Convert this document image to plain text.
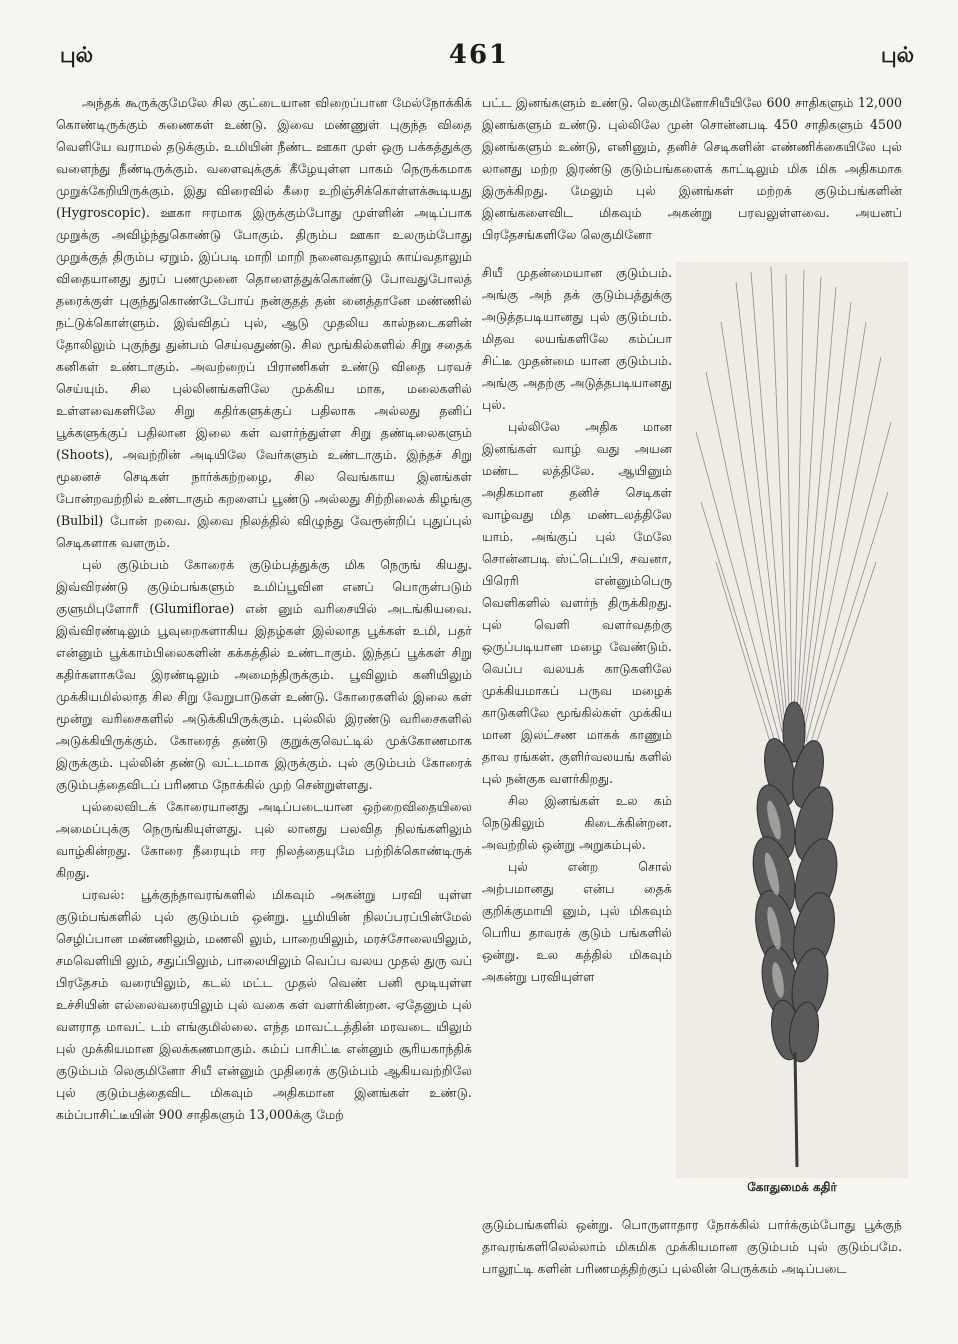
புல்	461	புல்

அந்தக் கூருக்குமேலே சில குட்டையான விறைப்பான மேல்நோக்கிக் கொண்டிருக்கும் சுணைகள் உண்டு. இவை மண்ணுள் புகுந்த விதை வெளியே வராமல் தடுக்கும். உமியின் நீண்ட ஊகா முள் ஒரு பக்கத்துக்கு வளைந்து நீண்டிருக்கும். வளைவுக்குக் கீழேயுள்ள பாகம் நெருக்கமாக முறுக்கேறியிருக்கும். இது விரைவில் கீரை உறிஞ்சிக்கொள்ளக்கூடியது (Hygroscopic). ஊகா ஈரமாக இருக்கும்போது முள்ளின் அடிப்பாக முறுக்கு அவிழ்ந்துகொண்டு போகும். திரும்ப ஊகா உலரும்போது முறுக்குத் திரும்ப ஏறும். இப்படி மாறி மாறி நனைவதாலும் காய்வதாலும் விதையானது துரப் பணமுனை தொளைத்துக்கொண்டு போவதுபோலத் தரைக்குள் புகுந்துகொண்டேபோய் நன்குதத் தன் னைத்தானே மண்ணில் நட்டுக்கொள்ளும். இவ்விதப் புல், ஆடு முதலிய கால்நடைகளின் தோலிலும் புகுந்து துன்பம் செய்வதுண்டு. சில மூங்கில்களில் சிறு சதைக் கனிகள் உண்டாகும். அவற்றைப் பிராணிகள் உண்டு விதை பரவச் செய்யும். சில புல்லினங்களிலே முக்கிய மாக, மலைகளில் உள்ளவைகளிலே சிறு கதிர்களுக்குப் பதிலாக அல்லது தனிப் பூக்களுக்குப் பதிலான இலை கள் வளர்ந்துள்ள சிறு தண்டிலைகளும் (Shoots), அவற்றின் அடியிலே வேர்களும் உண்டாகும். இந்தச் சிறு மூனைச் செடிகள் நார்க்கற்றழை, சில வெங்காய இனங்கள் போன்றவற்றில் உண்டாகும் கறளைப் பூண்டு அல்லது சிற்றிலைக் கிழங்கு (Bulbil) போன் றவை. இவை நிலத்தில் விழுந்து வேரூன்றிப் புதுப்புல் செடிகளாக வளரும்.

புல் குடும்பம் கோரைக் குடும்பத்துக்கு மிக நெருங் கியது. இவ்விரண்டு குடும்பங்களும் உமிப்பூவின எனப் பொருள்படும் குளுமிபுளோரீ (Glumiflorae) என் னும் வரிசையில் அடங்கியவை. இவ்விரண்டிலும் பூவுறைகளாகிய இதழ்கள் இல்லாத பூக்கள் உமி, பதர் என்னும் பூக்காம்பிலைகளின் கக்கத்தில் உண்டாகும். இந்தப் பூக்கள் சிறு கதிர்களாகவே இரண்டிலும் அமைந்திருக்கும். பூவிலும் கனியிலும் முக்கியமில்லாத சில சிறு வேறுபாடுகள் உண்டு. கோரைகளில் இலை கள் மூன்று வரிசைகளில் அடுக்கியிருக்கும். புல்லில் இரண்டு வரிசைகளில் அடுக்கியிருக்கும். கோரைத் தண்டு குறுக்குவெட்டில் முக்கோணமாக இருக்கும். புல்லின் தண்டு வட்டமாக இருக்கும். புல் குடும்பம் கோரைக் குடும்பத்தைவிடப் பரிணம நோக்கில் முற் சென்றுள்ளது.

புல்லைவிடக் கோரையானது அடிப்படையான ஒற்றைவிதையிலை அமைப்புக்கு நெருங்கியுள்ளது. புல் லானது பலவித நிலங்களிலும் வாழ்கின்றது. கோரை நீரையும் ஈர நிலத்தையுமே பற்றிக்கொண்டிருக் கிறது.

பரவல்: பூக்குந்தாவரங்களில் மிகவும் அகன்று பரவி யுள்ள குடும்பங்களில் புல் குடும்பம் ஒன்று. பூமியின் நிலப்பரப்பின்மேல் செழிப்பான மண்ணிலும், மணலி லும், பாறையிலும், மரச்சோலையிலும், சமவெளியி லும், சதுப்பிலும், பாலையிலும் வெப்ப வலய முதல் துரு வப் பிரதேசம் வரையிலும், கடல் மட்ட முதல் வெண் பனி மூடியுள்ள உச்சியின் எல்லைவரையிலும் புல் வகை கள் வளர்கின்றன. ஏதேனும் புல் வளராத மாவட் டம் எங்குமில்லை. எந்த மாவட்டத்தின் மரவடை யிலும் புல் முக்கியமான இலக்கணமாகும். கம்ப் பாசிட்டீ என்னும் சூரியகாந்திக் குடும்பம் லெகுமினோ சியீ என்னும் முதிரைக் குடும்பம் ஆகியவற்றிலே புல் குடும்பத்தைவிட மிகவும் அதிகமான இனங்கள் உண்டு. கம்ப்பாசிட்டீயின் 900 சாதிகளும் 13,000க்கு மேற்

பட்ட இனங்களும் உண்டு. லெகுமினோசியீயிலே 600 சாதிகளும் 12,000 இனங்களும் உண்டு. புல்லிலே முன் சொன்னபடி 450 சாதிகளும் 4500 இனங்களும் உண்டு, எனினும், தனிச் செடிகளின் எண்ணிக்கையிலே புல் லானது மற்ற இரண்டு குடும்பங்களைக் காட்டிலும் மிக மிக அதிகமாக இருக்கிறது. மேலும் புல் இனங்கள் மற்றக் குடும்பங்களின் இனங்களைவிட மிகவும் அகன்று பரவலுள்ளவை. அயனப் பிரதேசங்களிலே லெகுமினோ

சியீ முதன்மையான குடும்பம். அங்கு அந் தக் குடும்பத்துக்கு அடுத்தபடியானது புல் குடும்பம். மிதவ லயங்களிலே கம்ப்பா சிட்டீ முதன்மை யான குடும்பம். அங்கு அதற்கு அடுத்தபடியானது புல்.

புல்லிலே அதிக மான இனங்கள் வாழ் வது அயன மண்ட லத்திலே. ஆயினும் அதிகமான தனிச் செடிகள் வாழ்வது மித மண்டலத்திலே யாம். அங்குப் புல் மேலே சொன்னபடி ஸ்ட்டெப்பி, சவனா, பிரெரி என்னும்பெரு வெளிகளில் வளர்ந் திருக்கிறது. புல் வெளி வளர்வதற்கு ஒருப்படியான மழை வேண்டும். வெப்ப வலயக் காடுகளிலே முக்கியமாகப் பருவ மழைக் காடுகளிலே மூங்கில்கள் முக்கிய மான இலட்சண மாகக் காணும் தாவ ரங்கள். குளிர்வலயங் களில் புல் நன்குக வளர்கிறது.

சில இனங்கள் உல கம் நெடுகிலும் கிடைக்கின்றன. அவற்றில் ஒன்று அறுகம்புல்.

புல் என்ற சொல் அற்பமானது என்ப தைக் குறிக்குமாயி னும், புல் மிகவும் பெரிய தாவரக் குடும் பங்களில் ஒன்று. உல கத்தில் மிகவும் அகன்று பரவியுள்ள

கோதுமைக் கதிர்

குடும்பங்களில் ஒன்று. பொருளாதார நோக்கில் பார்க்கும்போது பூக்குந் தாவரங்களிலெல்லாம் மிகமிக முக்கியமான குடும்பம் புல் குடும்பமே. பாலூட்டி களின் பரிணமத்திற்குப் புல்லின் பெருக்கம் அடிப்படை
